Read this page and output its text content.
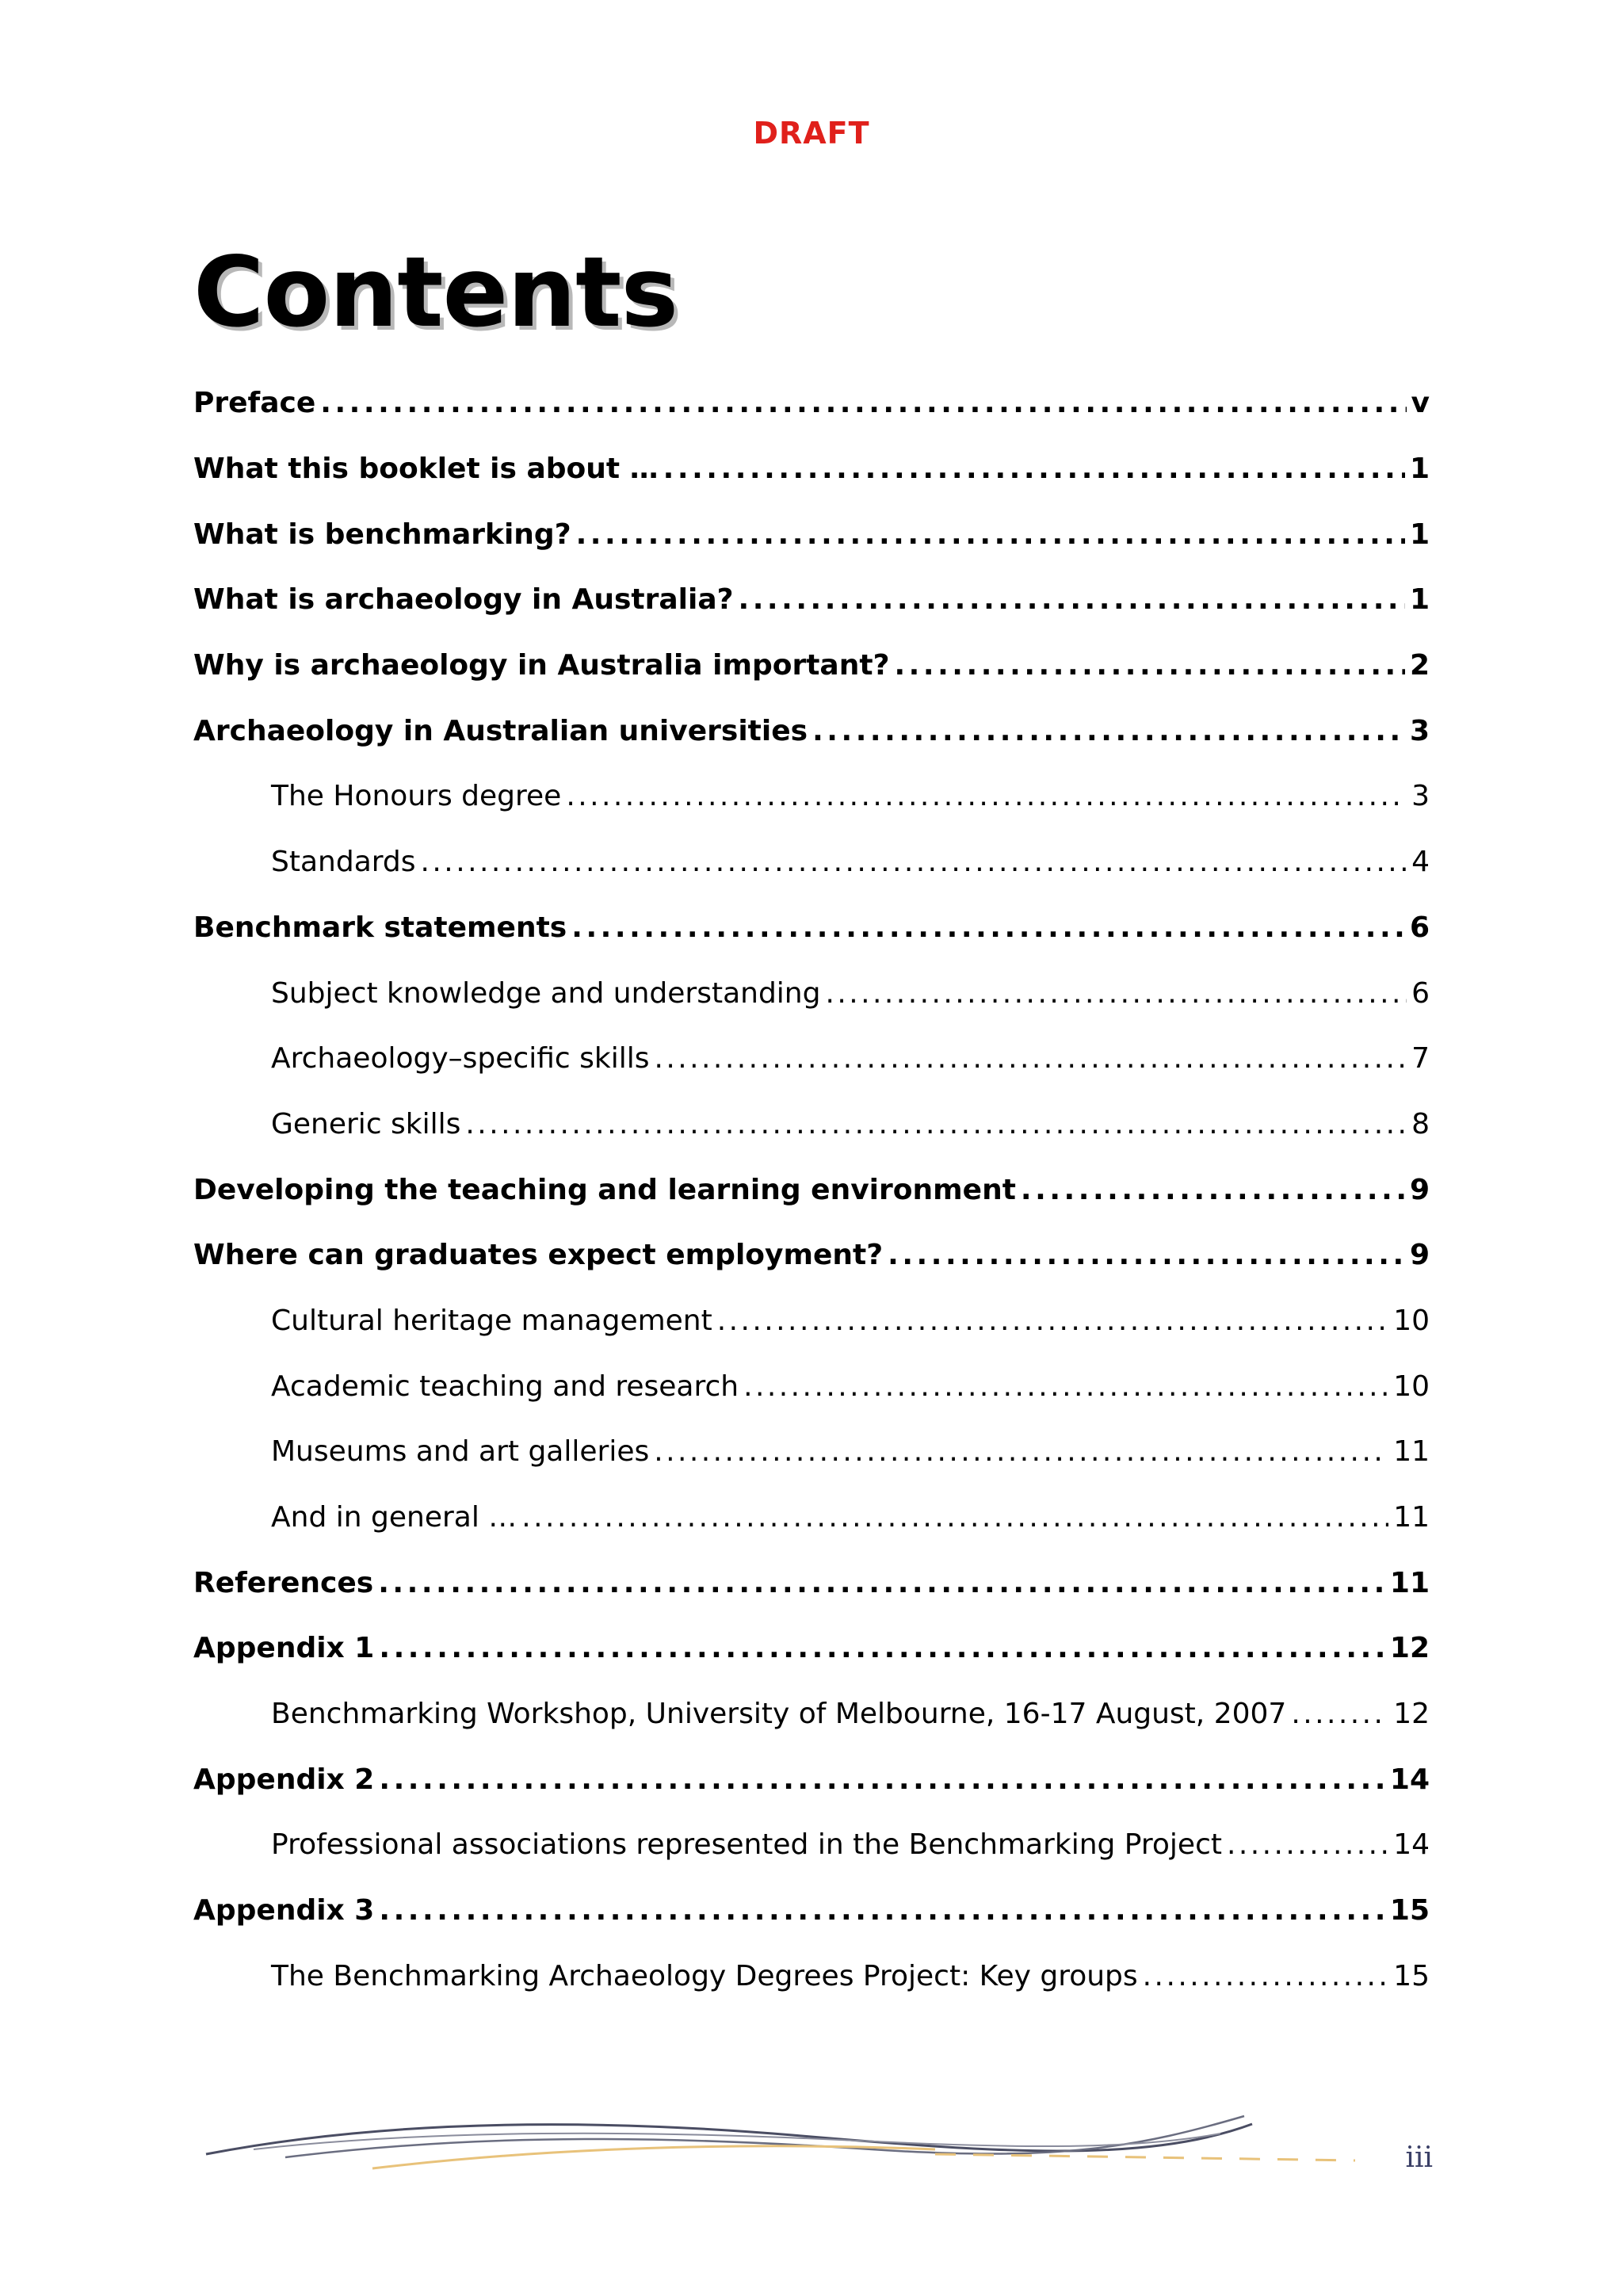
DRAFT
Contents
Preface . . .	v
What this booklet is about … . . .	1
What is benchmarking? . . .	1
What is archaeology in Australia? . . .	1
Why is archaeology in Australia important? . . .	2
Archaeology in Australian universities . . .	3
The Honours degree . . .	3
Standards . . .	4
Benchmark statements . . .	6
Subject knowledge and understanding . . .	6
Archaeology–specific skills . . .	7
Generic skills . . .	8
Developing the teaching and learning environment . . .	9
Where can graduates expect employment? . . .	9
Cultural heritage management . . .	10
Academic teaching and research . . .	10
Museums and art galleries . . .	11
And in general … . . .	11
References . . .	11
Appendix 1 . . .	12
Benchmarking Workshop, University of Melbourne, 16-17 August, 2007 . . .	12
Appendix 2 . . .	14
Professional associations represented in the Benchmarking Project . . .	14
Appendix 3 . . .	15
The Benchmarking Archaeology Degrees Project: Key groups . . .	15
iii
